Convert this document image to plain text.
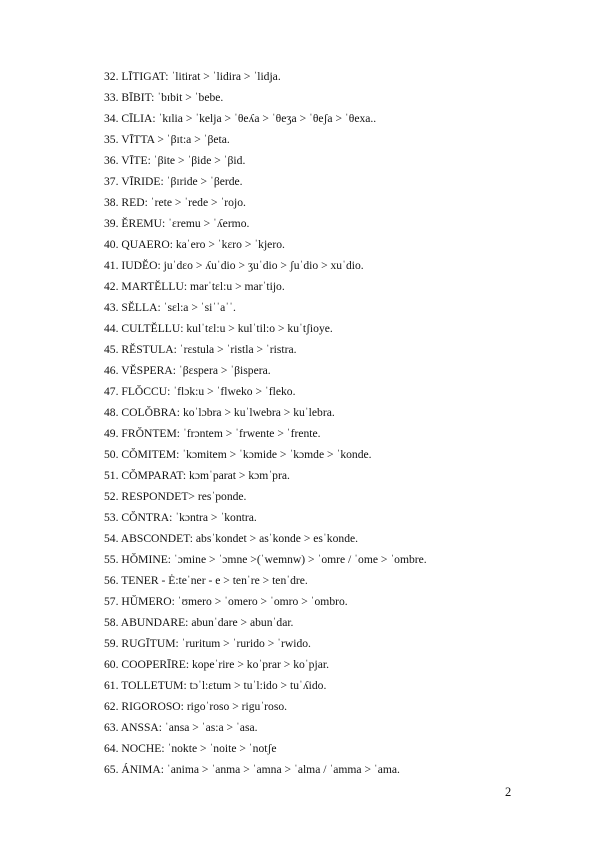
32. LĪTIGAT: ˈlitirat > ˈlidira > ˈlidja.
33. BĪBIT: ˈbɪbit > ˈbebe.
34. CĪLIA: ˈkɪlia > ˈkelja > ˈθeʎa > ˈθeʒa > ˈθeʃa > ˈθexa..
35. VĪTTA > ˈβɪt:a > ˈβeta.
36. VĪTE: ˈβite > ˈβide > ˈβid.
37. VĪRIDE: ˈβɪride > ˈβerde.
38. RED: ˈrete > ˈrede > ˈrojo.
39. ĔREMU: ˈɛremu > ˈʎermo.
40. QUAERO: kaˈero > ˈkɛro > ˈkjero.
41. IUDĔO: juˈdɛo > ʎuˈdio > ʒuˈdio > ʃuˈdio > xuˈdio.
42. MARTĔLLU: marˈtɛl:u > marˈtijo.
43. SĔLLA: ˈsɛl:a > ˈsiˈˈaˈˈ.
44. CULTĔLLU: kulˈtɛl:u > kulˈtil:o > kuˈtʃioye.
45. RĔSTULA: ˈrɛstula > ˈristla > ˈristra.
46. VĔSPERA: ˈβɛspera > ˈβispera.
47. FLŎCCU: ˈflɔk:u > ˈflweko > ˈfleko.
48. COLŎBRA: koˈlɔbra > kuˈlwebra > kuˈlebra.
49. FRŎNTEM: ˈfrɔntem > ˈfrwente > ˈfrente.
50. CŎMITEM: ˈkɔmitem > ˈkɔmide > ˈkɔmde > ˈkonde.
51. CŎMPARAT: kɔmˈparat > kɔmˈpra.
52. RESPONDET> resˈponde.
53. CŎNTRA: ˈkɔntra > ˈkontra.
54. ABSCONDET: absˈkondet > asˈkonde > esˈkonde.
55. HŎMINE: ˈɔmine > ˈɔmne >(ˈwemnw) > ˈomre / ˈome > ˈombre.
56. TENER - Ė:teˈner - e > tenˈre > tenˈdre.
57. HŬMERO: ˈʊmero > ˈomero > ˈomro > ˈombro.
58. ABUNDARE: abunˈdare > abunˈdar.
59. RUGĪTUM: ˈruritum > ˈrurido > ˈrwido.
60. COOPERĪRE: kopeˈrire > koˈprar > koˈpjar.
61. TOLLETUM: tɔˈl:ɛtum > tuˈl:ido > tuˈʎido.
62. RIGOROSO: rigoˈroso > riguˈroso.
63. ANSSA: ˈansa > ˈas:a > ˈasa.
64. NOCHE: ˈnokte > ˈnoite > ˈnotʃe
65. ÁNIMA: ˈanima > ˈanma > ˈamna > ˈalma / ˈamma > ˈama.
2
